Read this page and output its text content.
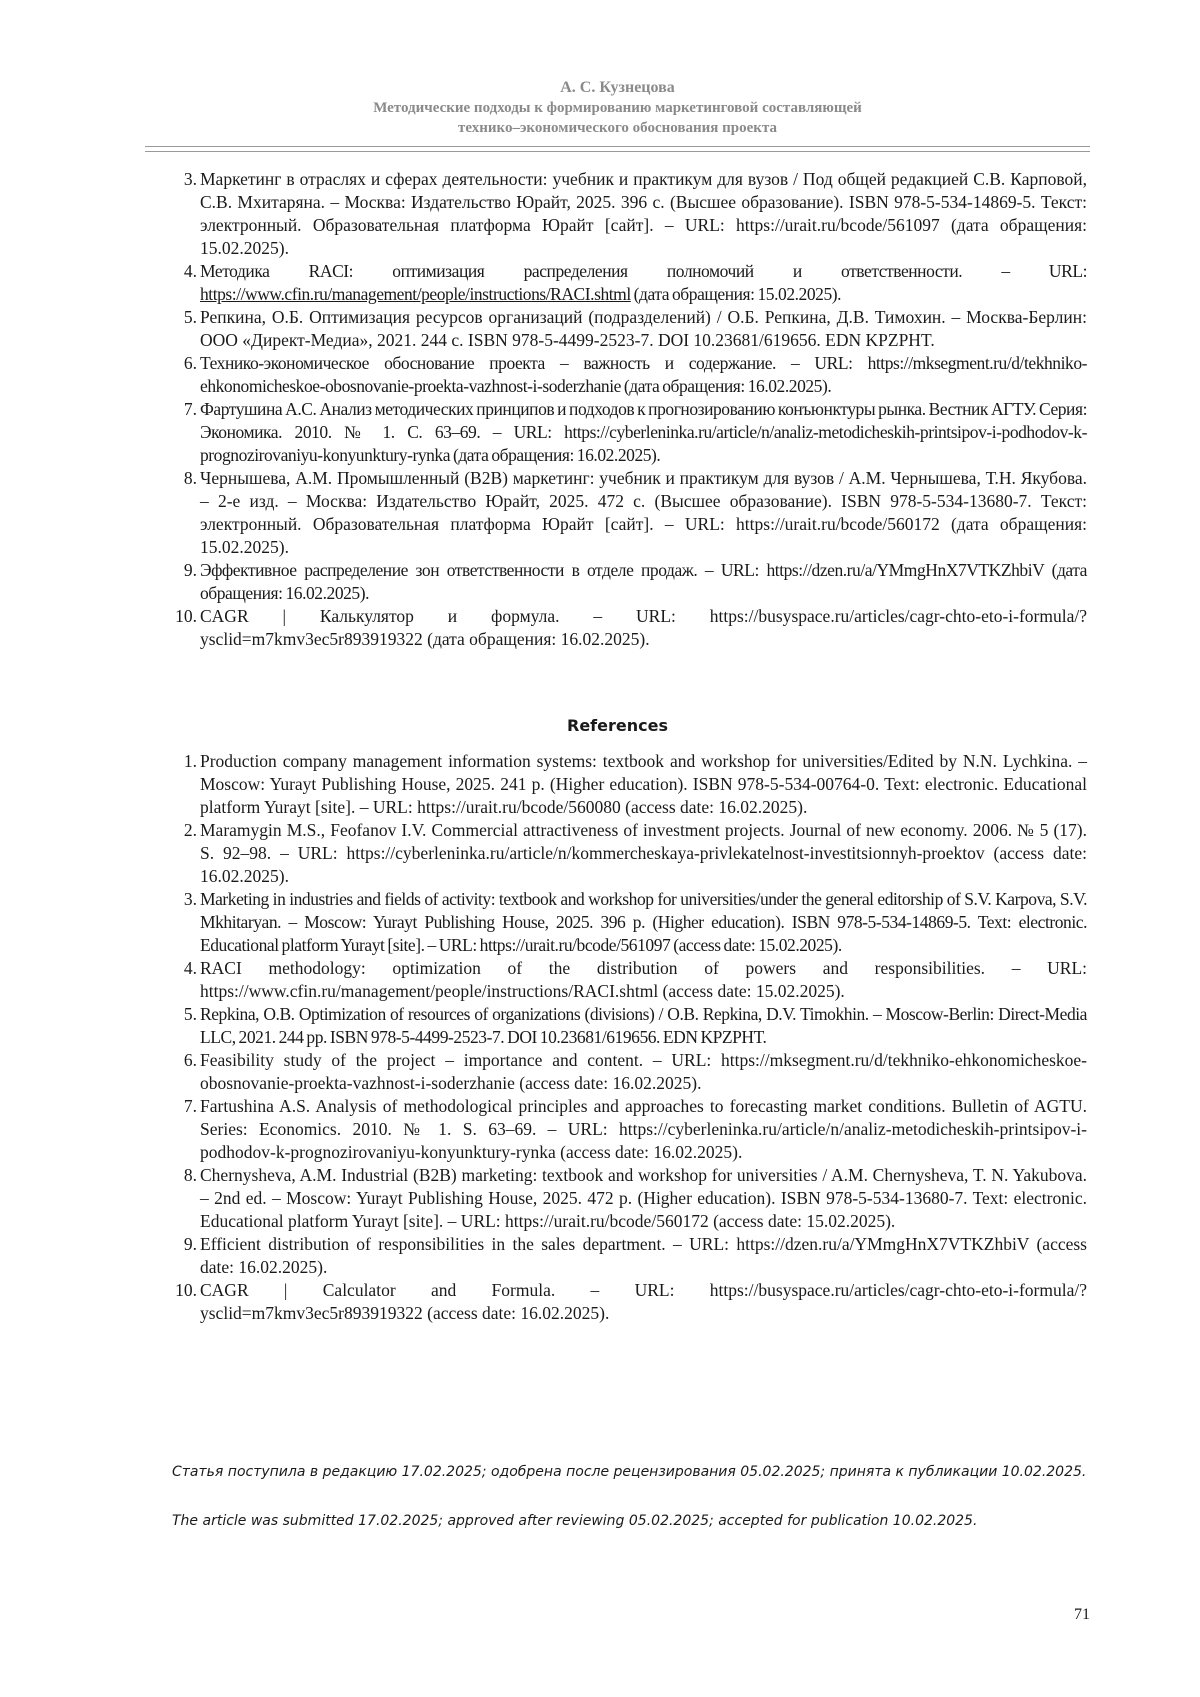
А. С. Кузнецова
Методические подходы к формированию маркетинговой составляющей
технико–экономического обоснования проекта
3 . Маркетинг в отраслях и сферах деятельности: учебник и практикум для вузов / Под общей редакцией С.В. Карповой, С.В. Мхитаряна. – Москва: Издательство Юрайт, 2025. 396 с. (Высшее образование). ISBN 978-5-534-14869-5. Текст: электронный. Образовательная платформа Юрайт [сайт]. – URL: https://urait.ru/bcode/561097 (дата обращения: 15.02.2025).
4 . Методика RACI: оптимизация распределения полномочий и ответственности. – URL: https://www.cfin.ru/management/people/instructions/RACI.shtml (дата обращения: 15.02.2025).
5 . Репкина, О.Б. Оптимизация ресурсов организаций (подразделений) / О.Б. Репкина, Д.В. Тимохин. – Москва-Берлин: ООО «Директ-Медиа», 2021. 244 с. ISBN 978-5-4499-2523-7. DOI 10.23681/619656. EDN KPZPHT.
6 . Технико-экономическое обоснование проекта – важность и содержание. – URL: https://mksegment.ru/d/tekhniko-ehkonomicheskoe-obosnovanie-proekta-vazhnost-i-soderzhanie (дата обращения: 16.02.2025).
7 . Фартушина А.С. Анализ методических принципов и подходов к прогнозированию конъюнктуры рынка. Вестник АГТУ. Серия: Экономика. 2010. № 1. С. 63–69. – URL: https://cyberleninka.ru/article/n/analiz-metodicheskih-printsipov-i-podhodov-k-prognozirovaniyu-konyunktury-rynka (дата обращения: 16.02.2025).
8 . Чернышева, А.М. Промышленный (B2B) маркетинг: учебник и практикум для вузов / А.М. Чернышева, Т.Н. Якубова. – 2-е изд. – Москва: Издательство Юрайт, 2025. 472 с. (Высшее образование). ISBN 978-5-534-13680-7. Текст: электронный. Образовательная платформа Юрайт [сайт]. – URL: https://urait.ru/bcode/560172 (дата обращения: 15.02.2025).
9 . Эффективное распределение зон ответственности в отделе продаж. – URL: https://dzen.ru/a/YMmgHnX7VTKZhbiV (дата обращения: 16.02.2025).
10 . CAGR | Калькулятор и формула. – URL: https://busyspace.ru/articles/cagr-chto-eto-i-formula/?ysclid=m7kmv3ec5r893919322 (дата обращения: 16.02.2025).
References
1 . Production company management information systems: textbook and workshop for universities/Edited by N.N. Lychkina. – Moscow: Yurayt Publishing House, 2025. 241 p. (Higher education). ISBN 978-5-534-00764-0. Text: electronic. Educational platform Yurayt [site]. – URL: https://urait.ru/bcode/560080 (access date: 16.02.2025).
2 . Maramygin M.S., Feofanov I.V. Commercial attractiveness of investment projects. Journal of new economy. 2006. № 5 (17). S. 92–98. – URL: https://cyberleninka.ru/article/n/kommercheskaya-privlekatelnost-investitsionnyh-proektov (access date: 16.02.2025).
3 . Marketing in industries and fields of activity: textbook and workshop for universities/under the general editorship of S.V. Karpova, S.V. Mkhitaryan. – Moscow: Yurayt Publishing House, 2025. 396 p. (Higher education). ISBN 978-5-534-14869-5. Text: electronic. Educational platform Yurayt [site]. – URL: https://urait.ru/bcode/561097 (access date: 15.02.2025).
4 . RACI methodology: optimization of the distribution of powers and responsibilities. – URL: https://www.cfin.ru/management/people/instructions/RACI.shtml (access date: 15.02.2025).
5 . Repkina, O.B. Optimization of resources of organizations (divisions) / O.B. Repkina, D.V. Timokhin. – Moscow-Berlin: Direct-Media LLC, 2021. 244 pp. ISBN 978-5-4499-2523-7. DOI 10.23681/619656. EDN KPZPHT.
6 . Feasibility study of the project – importance and content. – URL: https://mksegment.ru/d/tekhniko-ehkonomicheskoe-obosnovanie-proekta-vazhnost-i-soderzhanie (access date: 16.02.2025).
7 . Fartushina A.S. Analysis of methodological principles and approaches to forecasting market conditions. Bulletin of AGTU. Series: Economics. 2010. № 1. S. 63–69. – URL: https://cyberleninka.ru/article/n/analiz-metodicheskih-printsipov-i-podhodov-k-prognozirovaniyu-konyunktury-rynka (access date: 16.02.2025).
8 . Chernysheva, A.M. Industrial (B2B) marketing: textbook and workshop for universities / A.M. Chernysheva, T. N. Yakubova. – 2nd ed. – Moscow: Yurayt Publishing House, 2025. 472 p. (Higher education). ISBN 978-5-534-13680-7. Text: electronic. Educational platform Yurayt [site]. – URL: https://urait.ru/bcode/560172 (access date: 15.02.2025).
9 . Efficient distribution of responsibilities in the sales department. – URL: https://dzen.ru/a/YMmgHnX7VTKZhbiV (access date: 16.02.2025).
10 . CAGR | Calculator and Formula. – URL: https://busyspace.ru/articles/cagr-chto-eto-i-formula/?ysclid=m7kmv3ec5r893919322 (access date: 16.02.2025).
Статья поступила в редакцию 17.02.2025; одобрена после рецензирования 05.02.2025; принята к публикации 10.02.2025.
The article was submitted 17.02.2025; approved after reviewing 05.02.2025; accepted for publication 10.02.2025.
71
